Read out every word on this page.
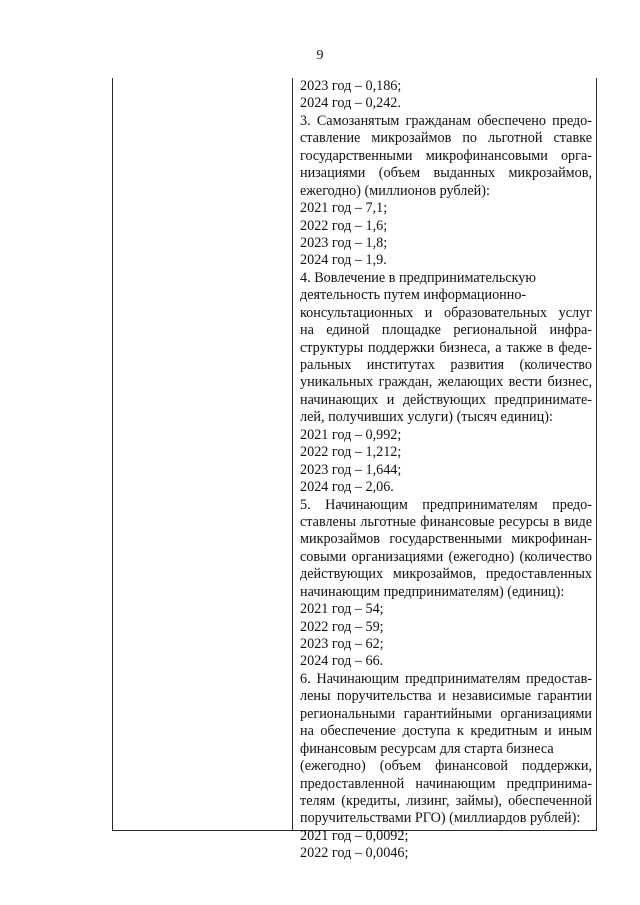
9
2023 год – 0,186;
2024 год – 0,242.
3. Самозанятым гражданам обеспечено предо-
ставление микрозаймов по льготной ставке
государственными микрофинансовыми орга-
низациями (объем выданных микрозаймов,
ежегодно) (миллионов рублей):
2021 год – 7,1;
2022 год – 1,6;
2023 год – 1,8;
2024 год – 1,9.
4. Вовлечение в предпринимательскую
деятельность путем информационно-
консультационных и образовательных услуг
на единой площадке региональной инфра-
структуры поддержки бизнеса, а также в феде-
ральных институтах развития (количество
уникальных граждан, желающих вести бизнес,
начинающих и действующих предпринимате-
лей, получивших услуги) (тысяч единиц):
2021 год – 0,992;
2022 год – 1,212;
2023 год – 1,644;
2024 год – 2,06.
5. Начинающим предпринимателям предо-
ставлены льготные финансовые ресурсы в виде
микрозаймов государственными микрофинан-
совыми организациями (ежегодно) (количество
действующих микрозаймов, предоставленных
начинающим предпринимателям) (единиц):
2021 год – 54;
2022 год – 59;
2023 год – 62;
2024 год – 66.
6. Начинающим предпринимателям предостав-
лены поручительства и независимые гарантии
региональными гарантийными организациями
на обеспечение доступа к кредитным и иным
финансовым ресурсам для старта бизнеса
(ежегодно) (объем финансовой поддержки,
предоставленной начинающим предпринима-
телям (кредиты, лизинг, займы), обеспеченной
поручительствами РГО) (миллиардов рублей):
2021 год – 0,0092;
2022 год – 0,0046;
